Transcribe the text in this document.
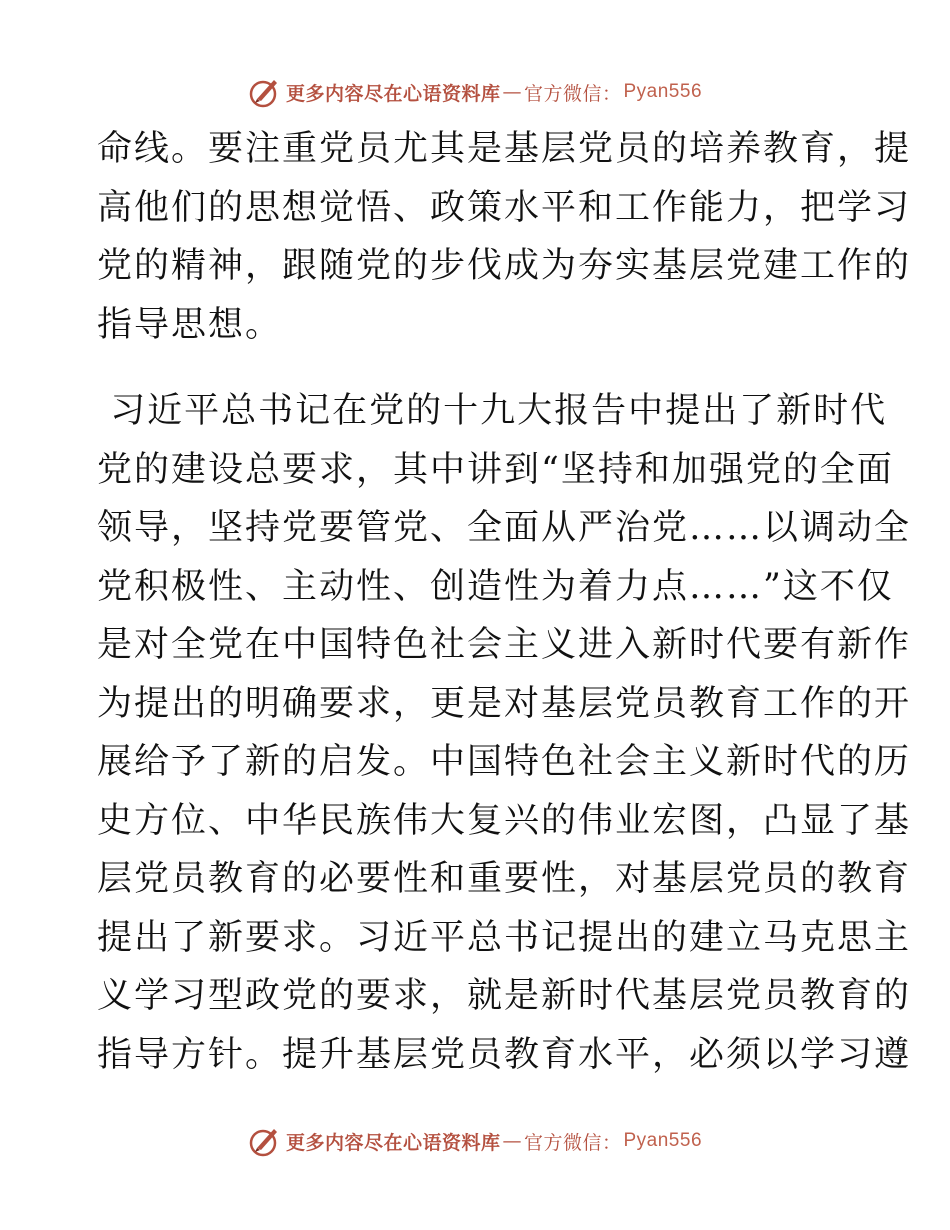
更多内容尽在心语资料库 — 官方微信： Pyan556
命线。要注重党员尤其是基层党员的培养教育，提
高他们的思想觉悟、政策水平和工作能力，把学习
党的精神，跟随党的步伐成为夯实基层党建工作的
指导思想。
习近平总书记在党的十九大报告中提出了新时代
党的建设总要求，其中讲到“坚持和加强党的全面
领导，坚持党要管党、全面从严治党……以调动全
党积极性、主动性、创造性为着力点……”这不仅
是对全党在中国特色社会主义进入新时代要有新作
为提出的明确要求，更是对基层党员教育工作的开
展给予了新的启发。中国特色社会主义新时代的历
史方位、中华民族伟大复兴的伟业宏图，凸显了基
层党员教育的必要性和重要性，对基层党员的教育
提出了新要求。习近平总书记提出的建立马克思主
义学习型政党的要求，就是新时代基层党员教育的
指导方针。提升基层党员教育水平，必须以学习遵
更多内容尽在心语资料库 — 官方微信： Pyan556
